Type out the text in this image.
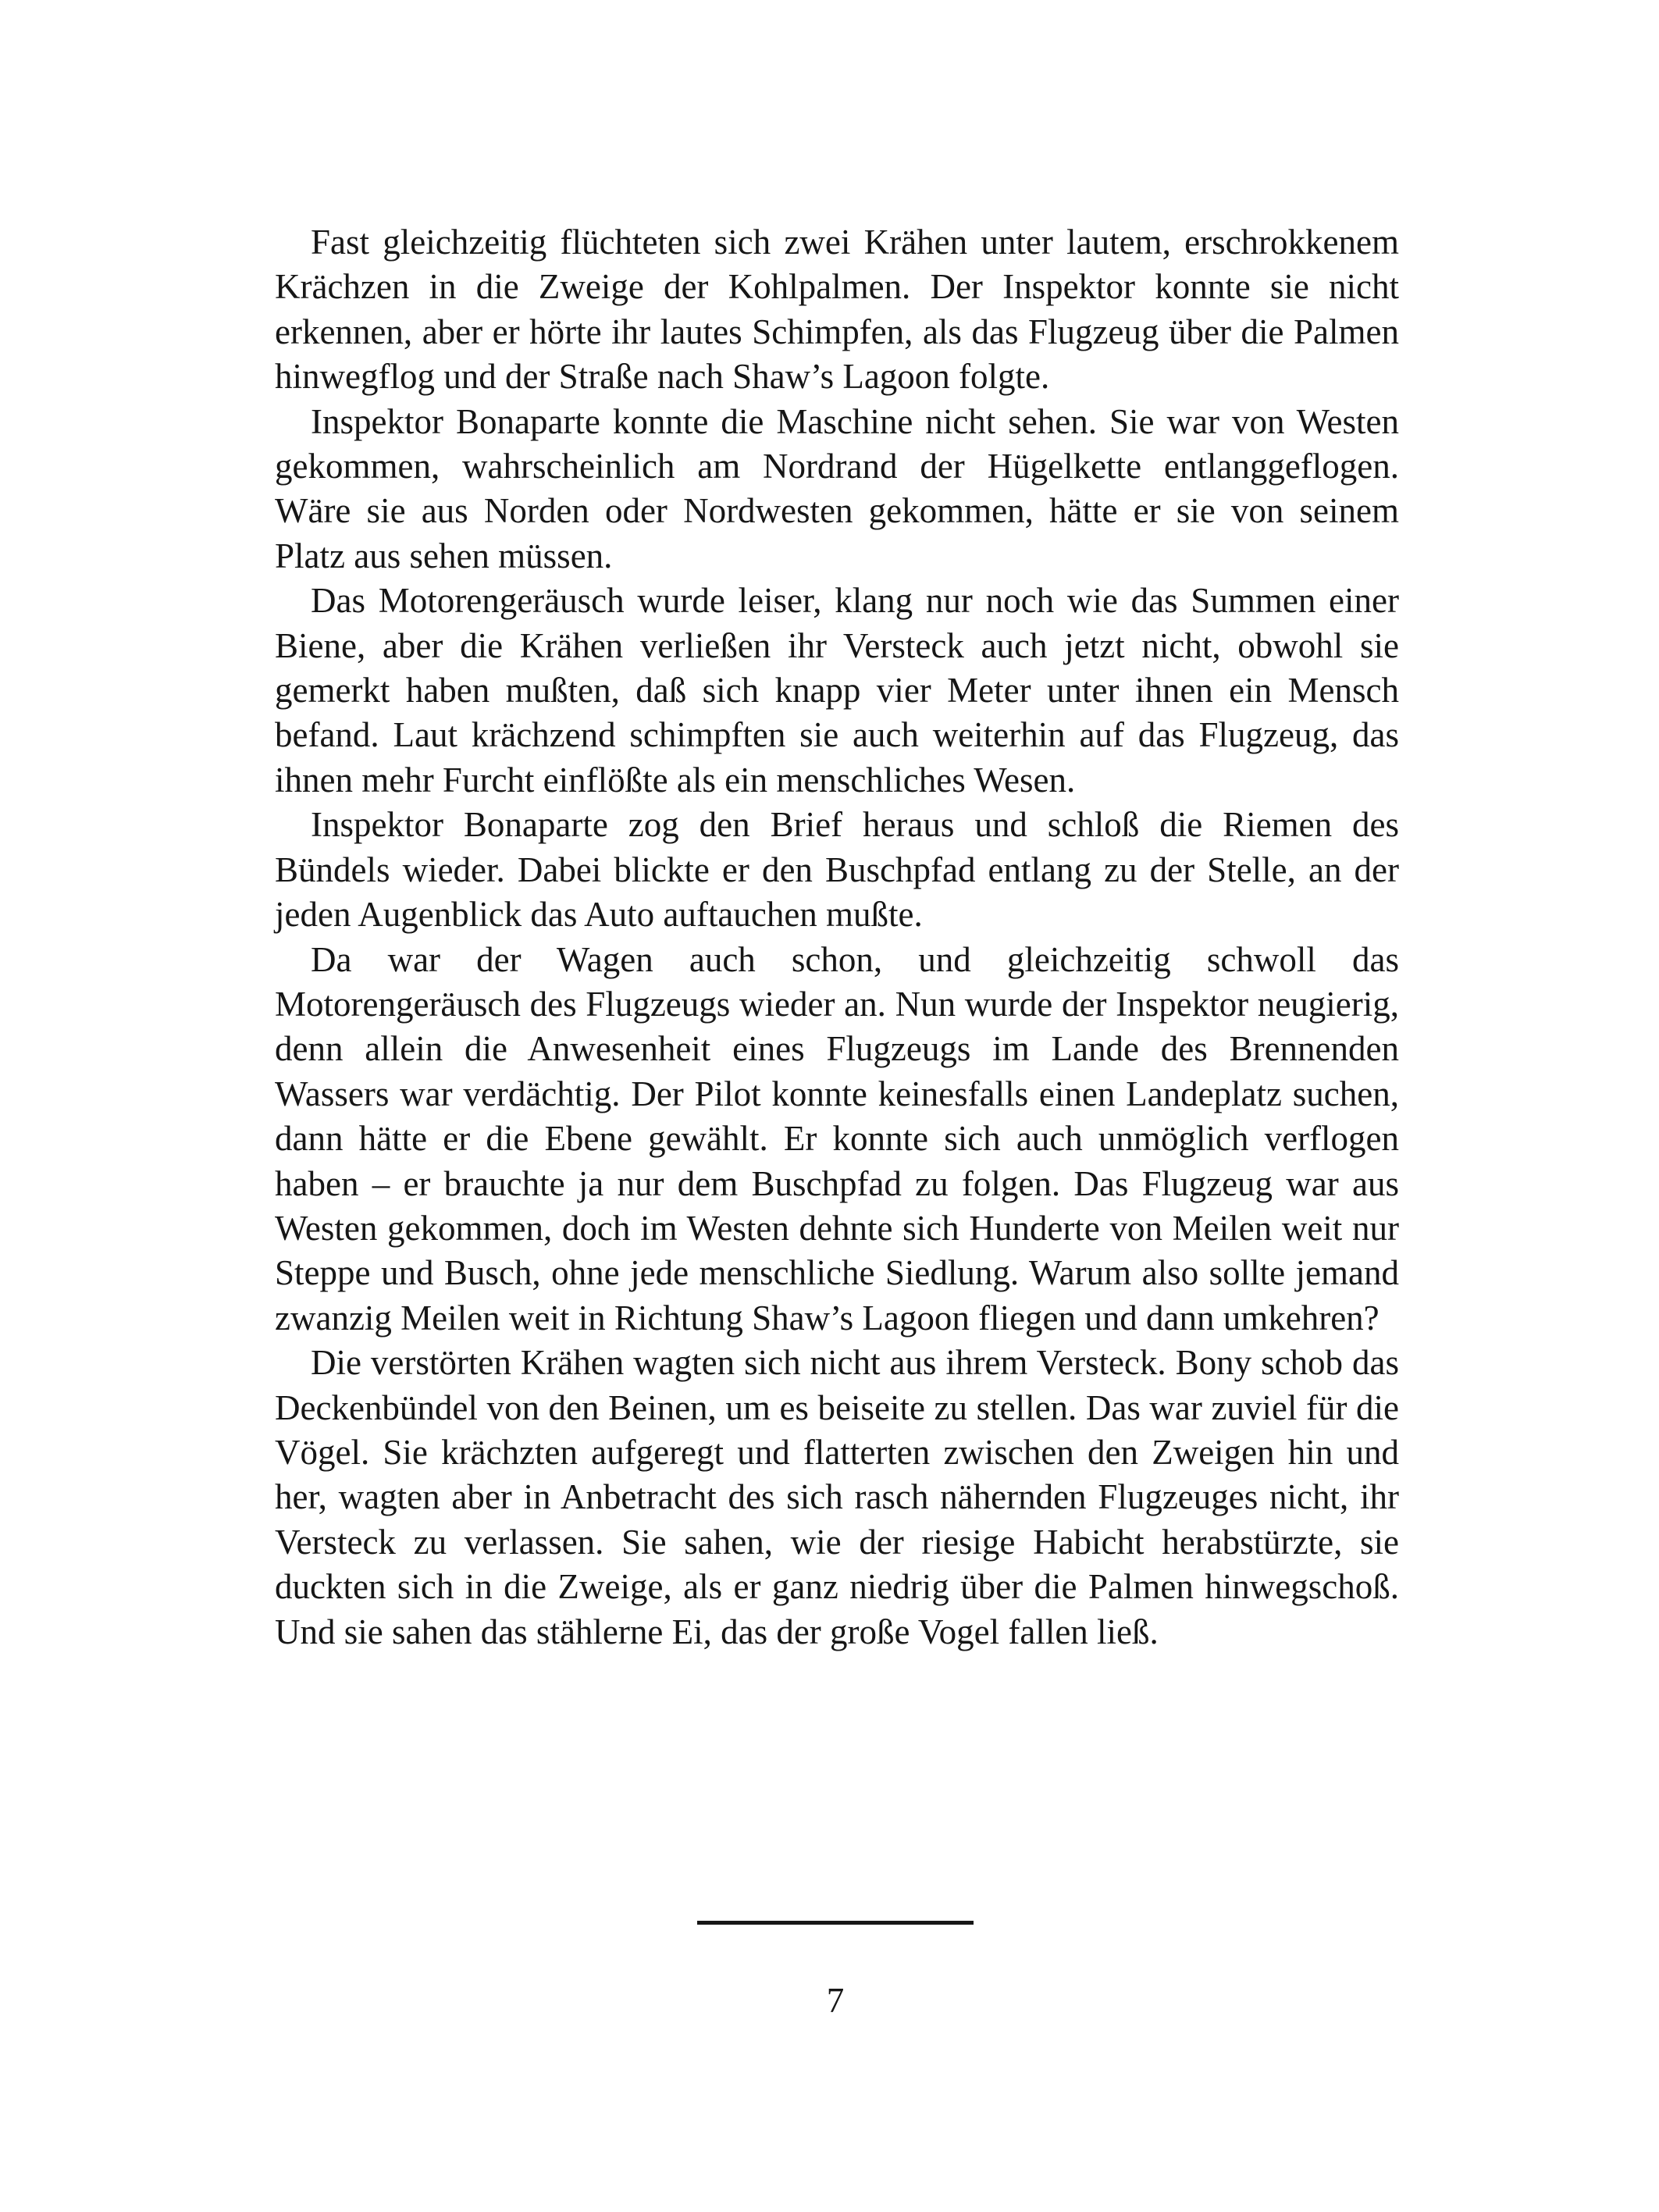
Fast gleichzeitig flüchteten sich zwei Krähen unter lautem, erschrokkenem Krächzen in die Zweige der Kohlpalmen. Der Inspektor konnte sie nicht erkennen, aber er hörte ihr lautes Schimpfen, als das Flugzeug über die Palmen hinwegflog und der Straße nach Shaw’s Lagoon folgte.

Inspektor Bonaparte konnte die Maschine nicht sehen. Sie war von Westen gekommen, wahrscheinlich am Nordrand der Hügelkette entlanggeflogen. Wäre sie aus Norden oder Nordwesten gekommen, hätte er sie von seinem Platz aus sehen müssen.

Das Motorengeräusch wurde leiser, klang nur noch wie das Summen einer Biene, aber die Krähen verließen ihr Versteck auch jetzt nicht, obwohl sie gemerkt haben mußten, daß sich knapp vier Meter unter ihnen ein Mensch befand. Laut krächzend schimpften sie auch weiterhin auf das Flugzeug, das ihnen mehr Furcht einflößte als ein menschliches Wesen.

Inspektor Bonaparte zog den Brief heraus und schloß die Riemen des Bündels wieder. Dabei blickte er den Buschpfad entlang zu der Stelle, an der jeden Augenblick das Auto auftauchen mußte.

Da war der Wagen auch schon, und gleichzeitig schwoll das Motorengeräusch des Flugzeugs wieder an. Nun wurde der Inspektor neugierig, denn allein die Anwesenheit eines Flugzeugs im Lande des Brennenden Wassers war verdächtig. Der Pilot konnte keinesfalls einen Landeplatz suchen, dann hätte er die Ebene gewählt. Er konnte sich auch unmöglich verflogen haben – er brauchte ja nur dem Buschpfad zu folgen. Das Flugzeug war aus Westen gekommen, doch im Westen dehnte sich Hunderte von Meilen weit nur Steppe und Busch, ohne jede menschliche Siedlung. Warum also sollte jemand zwanzig Meilen weit in Richtung Shaw’s Lagoon fliegen und dann umkehren?

Die verstörten Krähen wagten sich nicht aus ihrem Versteck. Bony schob das Deckenbündel von den Beinen, um es beiseite zu stellen. Das war zuviel für die Vögel. Sie krächzten aufgeregt und flatterten zwischen den Zweigen hin und her, wagten aber in Anbetracht des sich rasch nähernden Flugzeuges nicht, ihr Versteck zu verlassen. Sie sahen, wie der riesige Habicht herabstürzte, sie duckten sich in die Zweige, als er ganz niedrig über die Palmen hinwegschoß. Und sie sahen das stählerne Ei, das der große Vogel fallen ließ.

7
